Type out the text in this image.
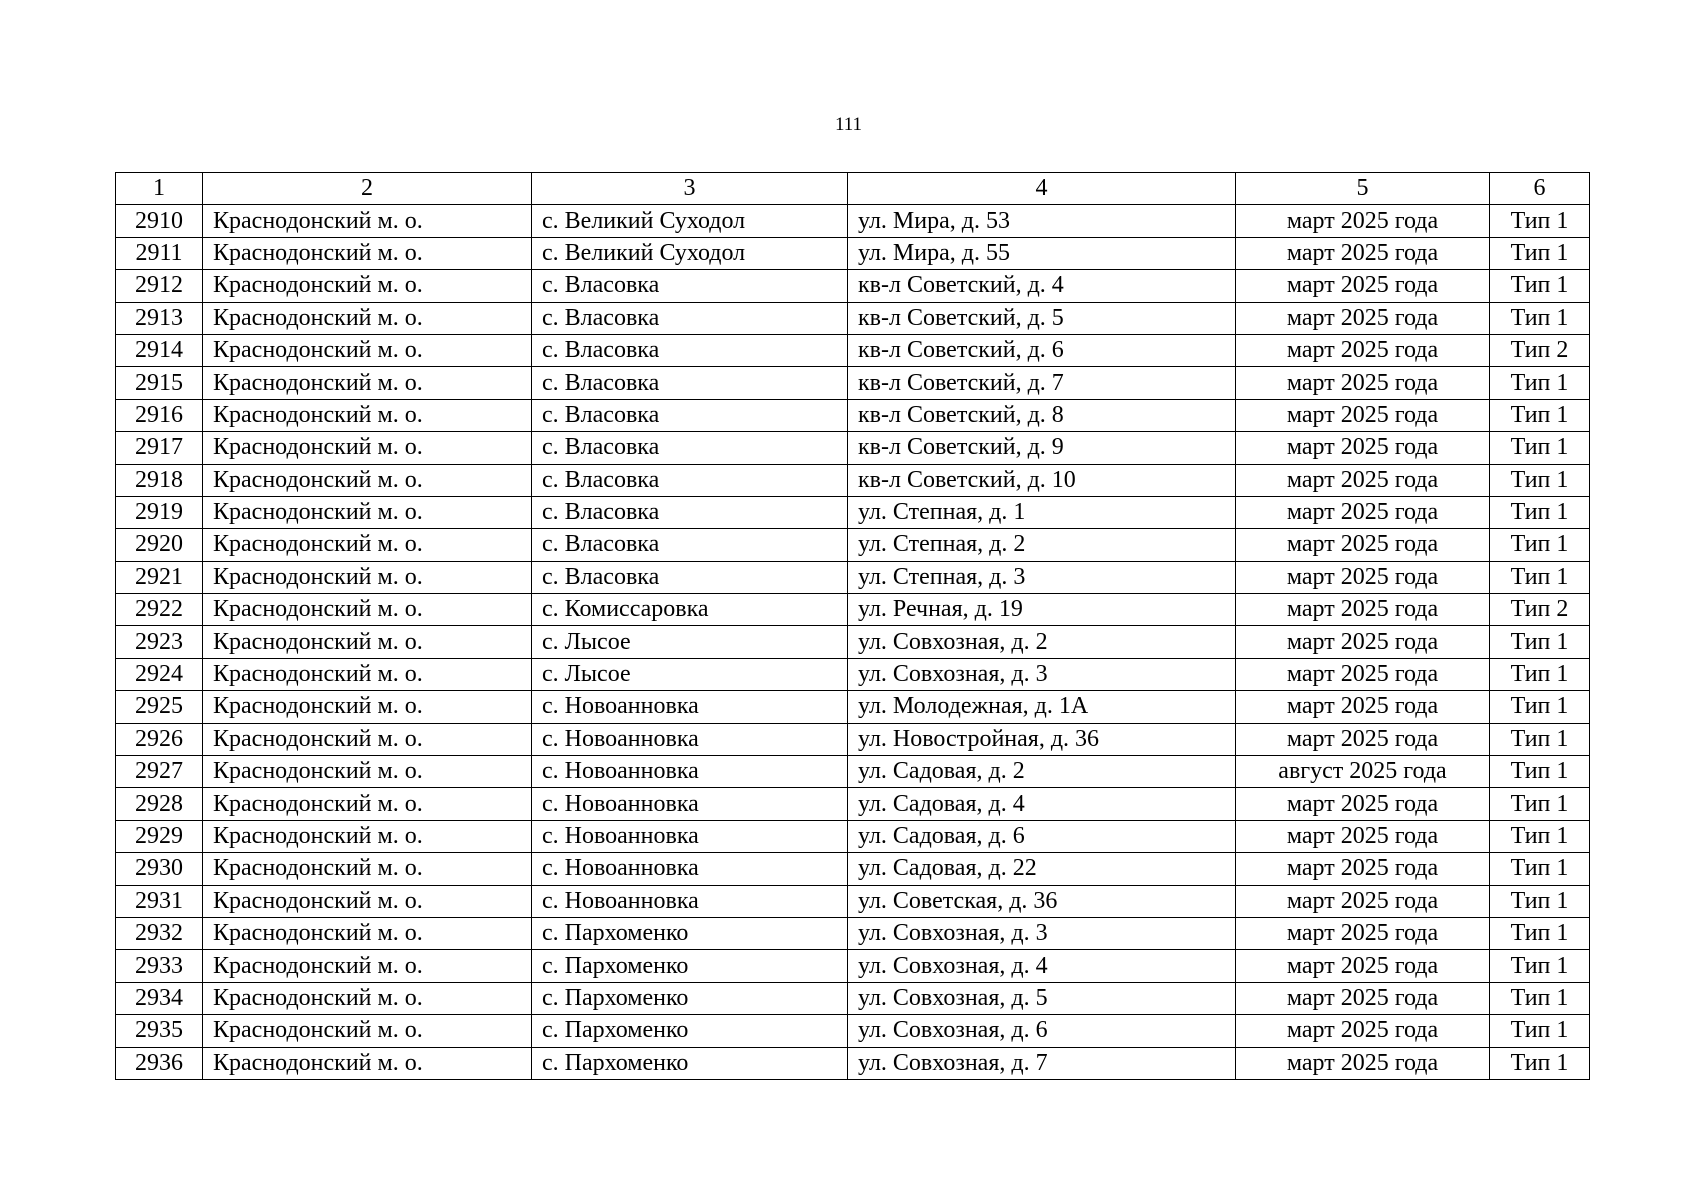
111
1	2	3	4	5	6
2910	Краснодонский м. о.	с. Великий Суходол	ул. Мира, д. 53	март 2025 года	Тип 1
2911	Краснодонский м. о.	с. Великий Суходол	ул. Мира, д. 55	март 2025 года	Тип 1
2912	Краснодонский м. о.	с. Власовка	кв-л Советский, д. 4	март 2025 года	Тип 1
2913	Краснодонский м. о.	с. Власовка	кв-л Советский, д. 5	март 2025 года	Тип 1
2914	Краснодонский м. о.	с. Власовка	кв-л Советский, д. 6	март 2025 года	Тип 2
2915	Краснодонский м. о.	с. Власовка	кв-л Советский, д. 7	март 2025 года	Тип 1
2916	Краснодонский м. о.	с. Власовка	кв-л Советский, д. 8	март 2025 года	Тип 1
2917	Краснодонский м. о.	с. Власовка	кв-л Советский, д. 9	март 2025 года	Тип 1
2918	Краснодонский м. о.	с. Власовка	кв-л Советский, д. 10	март 2025 года	Тип 1
2919	Краснодонский м. о.	с. Власовка	ул. Степная, д. 1	март 2025 года	Тип 1
2920	Краснодонский м. о.	с. Власовка	ул. Степная, д. 2	март 2025 года	Тип 1
2921	Краснодонский м. о.	с. Власовка	ул. Степная, д. 3	март 2025 года	Тип 1
2922	Краснодонский м. о.	с. Комиссаровка	ул. Речная, д. 19	март 2025 года	Тип 2
2923	Краснодонский м. о.	с. Лысое	ул. Совхозная, д. 2	март 2025 года	Тип 1
2924	Краснодонский м. о.	с. Лысое	ул. Совхозная, д. 3	март 2025 года	Тип 1
2925	Краснодонский м. о.	с. Новоанновка	ул. Молодежная, д. 1А	март 2025 года	Тип 1
2926	Краснодонский м. о.	с. Новоанновка	ул. Новостройная, д. 36	март 2025 года	Тип 1
2927	Краснодонский м. о.	с. Новоанновка	ул. Садовая, д. 2	август 2025 года	Тип 1
2928	Краснодонский м. о.	с. Новоанновка	ул. Садовая, д. 4	март 2025 года	Тип 1
2929	Краснодонский м. о.	с. Новоанновка	ул. Садовая, д. 6	март 2025 года	Тип 1
2930	Краснодонский м. о.	с. Новоанновка	ул. Садовая, д. 22	март 2025 года	Тип 1
2931	Краснодонский м. о.	с. Новоанновка	ул. Советская, д. 36	март 2025 года	Тип 1
2932	Краснодонский м. о.	с. Пархоменко	ул. Совхозная, д. 3	март 2025 года	Тип 1
2933	Краснодонский м. о.	с. Пархоменко	ул. Совхозная, д. 4	март 2025 года	Тип 1
2934	Краснодонский м. о.	с. Пархоменко	ул. Совхозная, д. 5	март 2025 года	Тип 1
2935	Краснодонский м. о.	с. Пархоменко	ул. Совхозная, д. 6	март 2025 года	Тип 1
2936	Краснодонский м. о.	с. Пархоменко	ул. Совхозная, д. 7	март 2025 года	Тип 1
